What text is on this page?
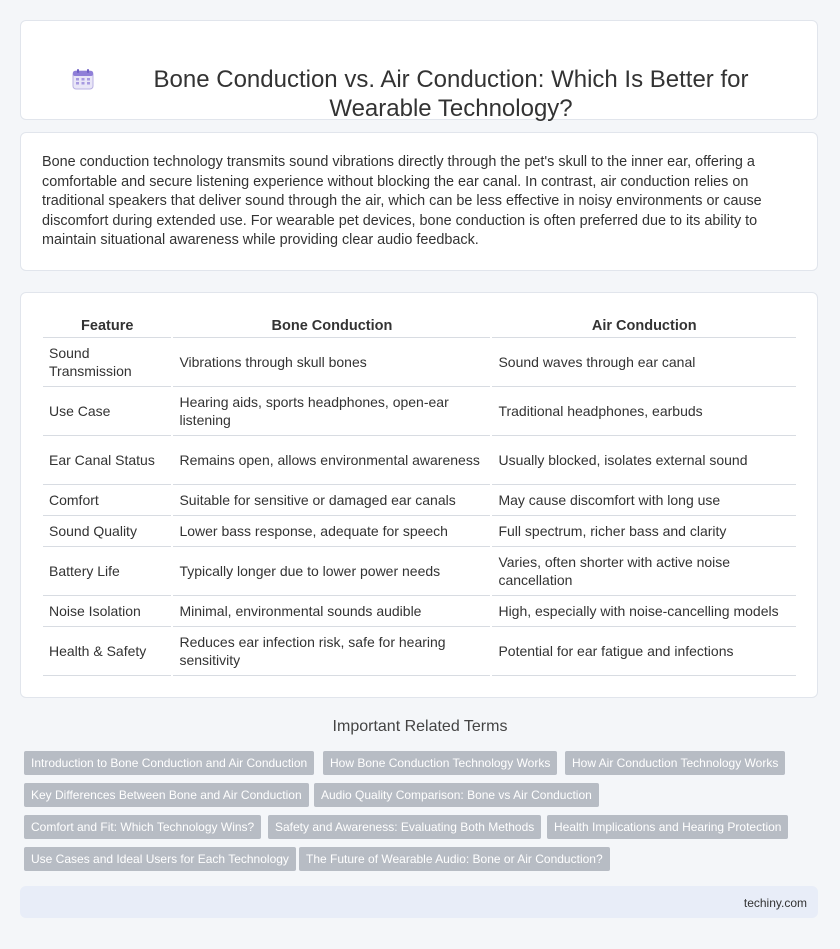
Bone Conduction vs. Air Conduction: Which Is Better for Wearable Technology?

Bone conduction technology transmits sound vibrations directly through the pet's skull to the inner ear, offering a comfortable and secure listening experience without blocking the ear canal. In contrast, air conduction relies on traditional speakers that deliver sound through the air, which can be less effective in noisy environments or cause discomfort during extended use. For wearable pet devices, bone conduction is often preferred due to its ability to maintain situational awareness while providing clear audio feedback.

Feature	Bone Conduction	Air Conduction
Sound Transmission	Vibrations through skull bones	Sound waves through ear canal
Use Case	Hearing aids, sports headphones, open-ear listening	Traditional headphones, earbuds
Ear Canal Status	Remains open, allows environmental awareness	Usually blocked, isolates external sound
Comfort	Suitable for sensitive or damaged ear canals	May cause discomfort with long use
Sound Quality	Lower bass response, adequate for speech	Full spectrum, richer bass and clarity
Battery Life	Typically longer due to lower power needs	Varies, often shorter with active noise cancellation
Noise Isolation	Minimal, environmental sounds audible	High, especially with noise-cancelling models
Health & Safety	Reduces ear infection risk, safe for hearing sensitivity	Potential for ear fatigue and infections
Important Related Terms
Introduction to Bone Conduction and Air Conduction	How Bone Conduction Technology Works	How Air Conduction Technology Works
Key Differences Between Bone and Air Conduction	Audio Quality Comparison: Bone vs Air Conduction
Comfort and Fit: Which Technology Wins?	Safety and Awareness: Evaluating Both Methods	Health Implications and Hearing Protection
Use Cases and Ideal Users for Each Technology	The Future of Wearable Audio: Bone or Air Conduction?
techiny.com
